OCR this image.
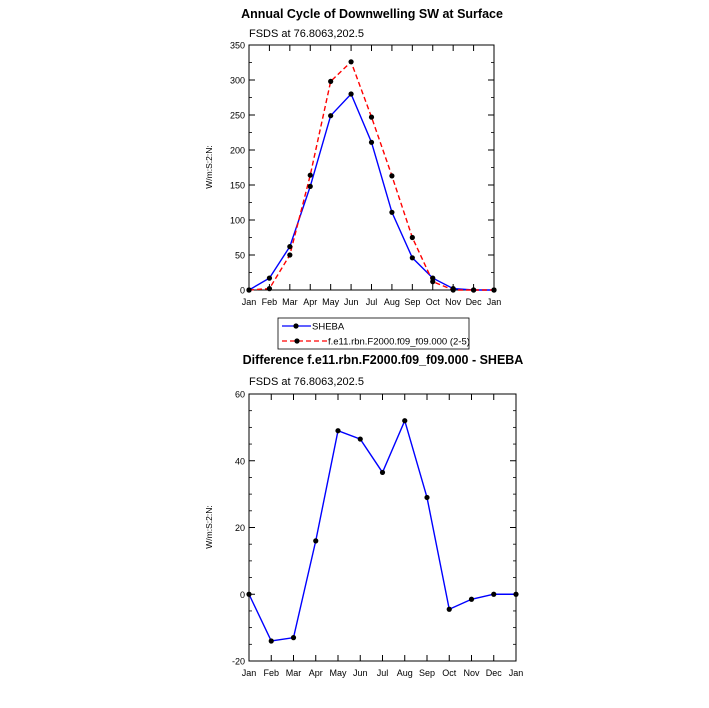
Annual Cycle of Downwelling SW at Surface
FSDS at 76.8063,202.5
W/m:S:2:N:
0
50
100
150
200
250
300
350
Jan Feb Mar Apr May Jun Jul Aug Sep Oct Nov Dec Jan
SHEBA
f.e11.rbn.F2000.f09_f09.000 (2-5)
Difference f.e11.rbn.F2000.f09_f09.000 - SHEBA
FSDS at 76.8063,202.5
W/m:S:2:N:
-20
0
20
40
60
Jan Feb Mar Apr May Jun Jul Aug Sep Oct Nov Dec Jan
